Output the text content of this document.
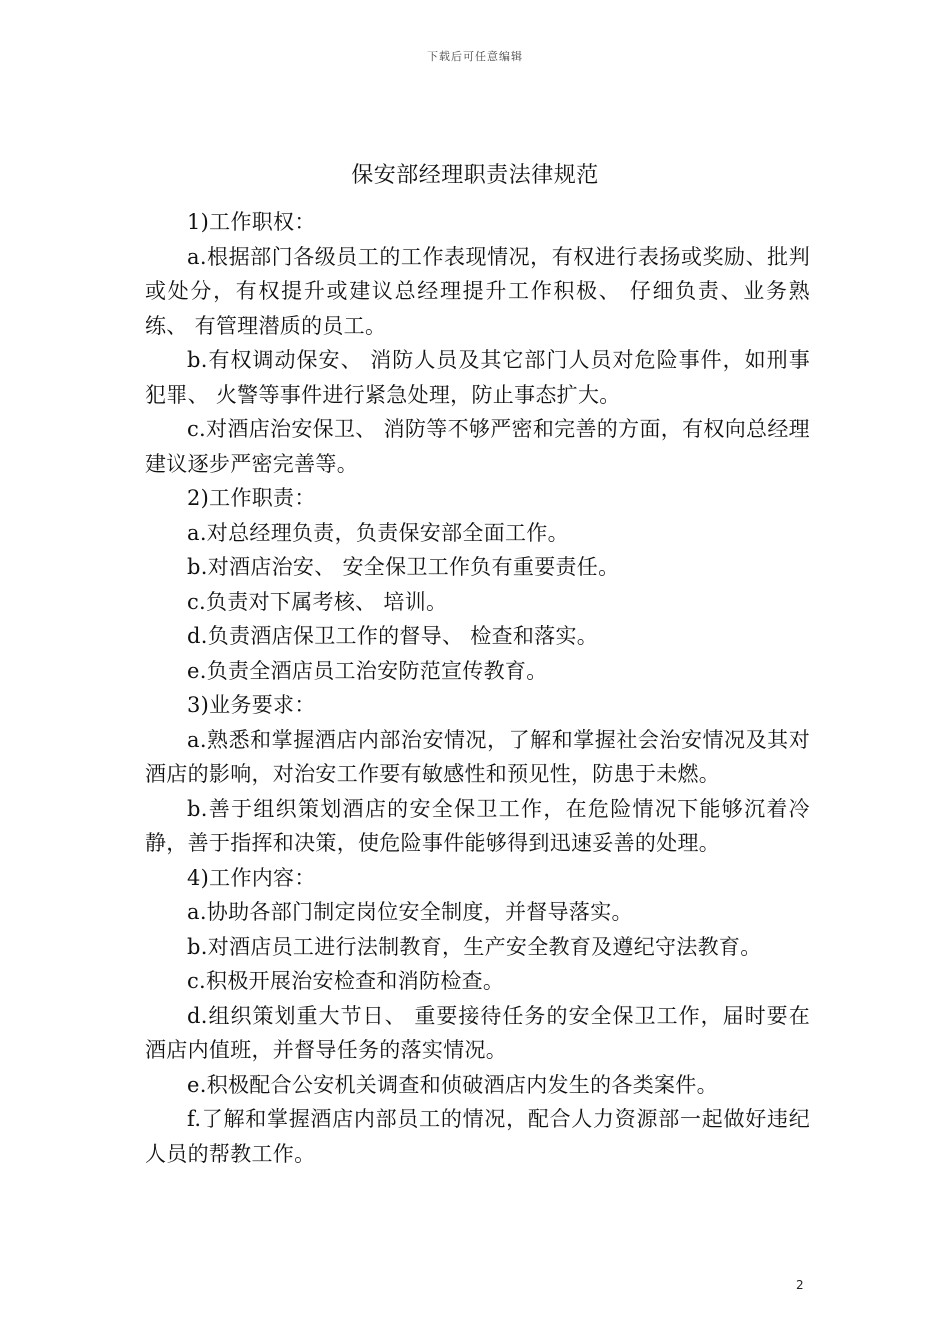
下载后可任意编辑
保安部经理职责法律规范

1)工作职权：

a.根据部门各级员工的工作表现情况，有权进行表扬或奖励、批判或处分，有权提升或建议总经理提升工作积极、 仔细负责、业务熟练、 有管理潜质的员工。

b.有权调动保安、 消防人员及其它部门人员对危险事件，如刑事犯罪、 火警等事件进行紧急处理，防止事态扩大。

c.对酒店治安保卫、 消防等不够严密和完善的方面，有权向总经理建议逐步严密完善等。

2)工作职责：

a.对总经理负责，负责保安部全面工作。

b.对酒店治安、 安全保卫工作负有重要责任。

c.负责对下属考核、 培训。

d.负责酒店保卫工作的督导、 检查和落实。

e.负责全酒店员工治安防范宣传教育。

3)业务要求：

a.熟悉和掌握酒店内部治安情况，了解和掌握社会治安情况及其对酒店的影响，对治安工作要有敏感性和预见性，防患于未燃。

b.善于组织策划酒店的安全保卫工作，在危险情况下能够沉着冷静，善于指挥和决策，使危险事件能够得到迅速妥善的处理。

4)工作内容：

a.协助各部门制定岗位安全制度，并督导落实。

b.对酒店员工进行法制教育，生产安全教育及遵纪守法教育。

c.积极开展治安检查和消防检查。

d.组织策划重大节日、 重要接待任务的安全保卫工作，届时要在酒店内值班，并督导任务的落实情况。

e.积极配合公安机关调查和侦破酒店内发生的各类案件。

f.了解和掌握酒店内部员工的情况，配合人力资源部一起做好违纪人员的帮教工作。

2
